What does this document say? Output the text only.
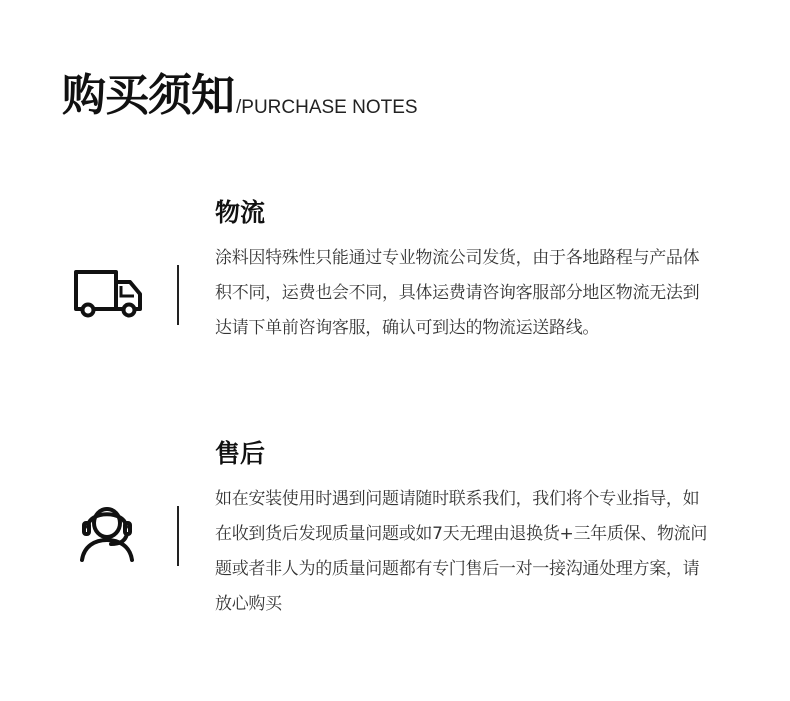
购买须知 /PURCHASE NOTES
物流
涂料因特殊性只能通过专业物流公司发货，由于各地路程与产品体积不同，运费也会不同，具体运费请咨询客服部分地区物流无法到达请下单前咨询客服，确认可到达的物流运送路线。
售后
如在安装使用时遇到问题请随时联系我们，我们将个专业指导，如在收到货后发现质量问题或如7天无理由退换货+三年质保、物流问题或者非人为的质量问题都有专门售后一对一接沟通处理方案，请放心购买
